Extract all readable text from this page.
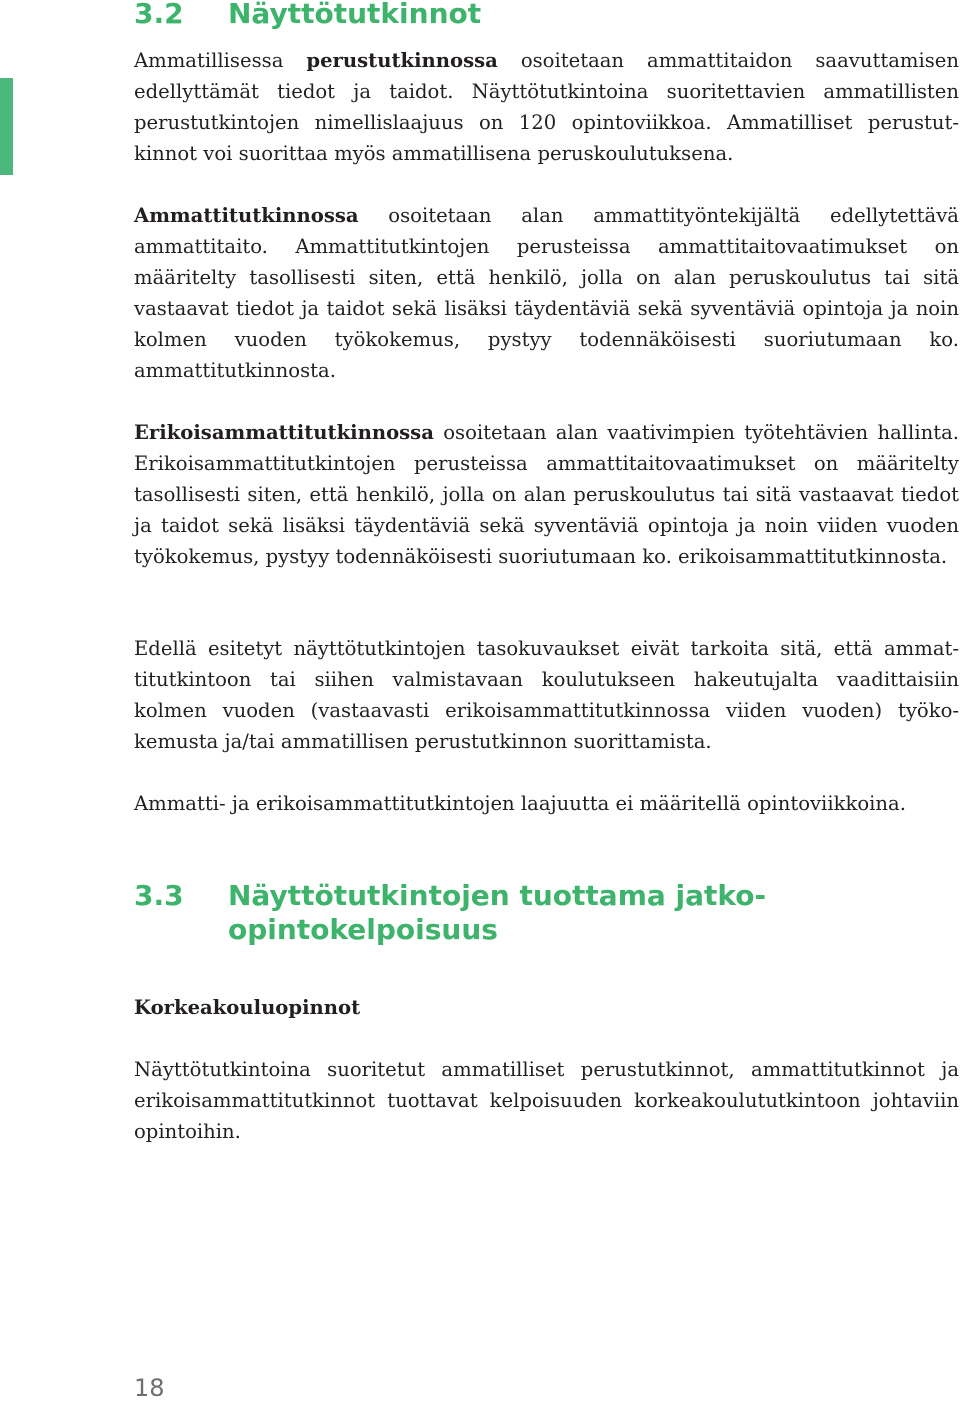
3.2 Näyttötutkinnot

Ammatillisessa perustutkinnossa osoitetaan ammattitaidon saavuttamisen edellyttämät tiedot ja taidot. Näyttötutkintoina suoritettavien ammatillisten perustutkintojen nimellislaajuus on 120 opintoviikkoa. Ammatilliset perustutkinnot voi suorittaa myös ammatillisena peruskoulutuksena.

Ammattitutkinnossa osoitetaan alan ammattityöntekijältä edellytettävä ammattitaito. Ammattitutkintojen perusteissa ammattitaitovaatimukset on määritelty tasollisesti siten, että henkilö, jolla on alan peruskoulutus tai sitä vastaavat tiedot ja taidot sekä lisäksi täydentäviä sekä syventäviä opintoja ja noin kolmen vuoden työkokemus, pystyy todennäköisesti suoriutumaan ko. ammattitutkinnosta.

Erikoisammattitutkinnossa osoitetaan alan vaativimpien työtehtävien hallinta. Erikoisammattitutkintojen perusteissa ammattitaitovaatimukset on määritelty tasollisesti siten, että henkilö, jolla on alan peruskoulutus tai sitä vastaavat tiedot ja taidot sekä lisäksi täydentäviä sekä syventäviä opintoja ja noin viiden vuoden työkokemus, pystyy todennäköisesti suoriutumaan ko. erikoisammattitutkinnosta.

Edellä esitetyt näyttötutkintojen tasokuvaukset eivät tarkoita sitä, että ammattitutkintoon tai siihen valmistavaan koulutukseen hakeutujalta vaadittaisiin kolmen vuoden (vastaavasti erikoisammattitutkinnossa viiden vuoden) työkokemusta ja/tai ammatillisen perustutkinnon suorittamista.

Ammatti- ja erikoisammattitutkintojen laajuutta ei määritellä opintoviikkoina.

3.3 Näyttötutkintojen tuottama jatkoopintokelpoisuus
Korkeakouluopinnot

Näyttötutkintoina suoritetut ammatilliset perustutkinnot, ammattitutkinnot ja erikoisammattitutkinnot tuottavat kelpoisuuden korkeakoulututkintoon johtaviin opintoihin.

18
